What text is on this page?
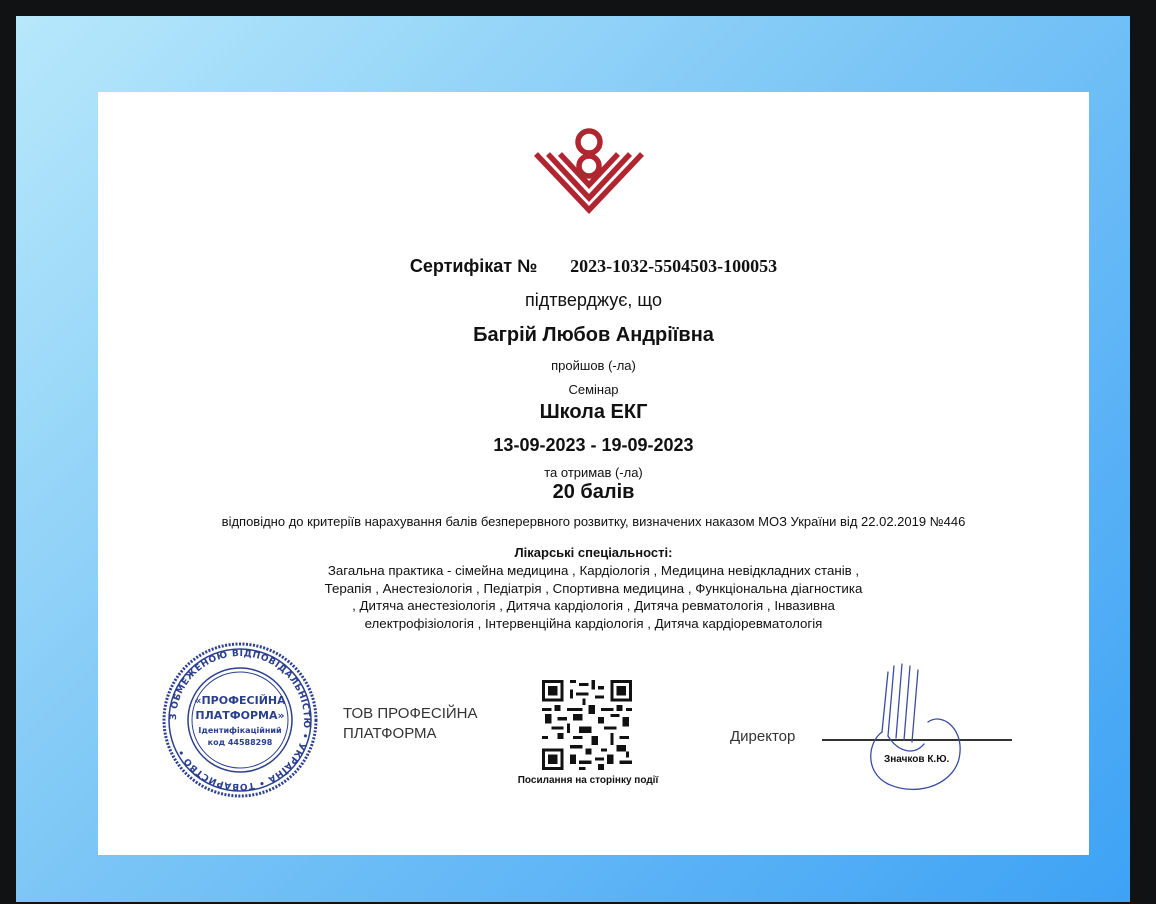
Сертифікат № 2023-1032-5504503-100053
підтверджує, що
Багрій Любов Андріївна
пройшов (-ла)
Семінар
Школа ЕКГ
13-09-2023 - 19-09-2023
та отримав (-ла)
20 балів
відповідно до критеріїв нарахування балів безперервного розвитку, визначених наказом МОЗ України від 22.02.2019 №446
Лікарські спеціальності:
Загальна практика - сімейна медицина , Кардіологія , Медицина невідкладних станів ,
Терапія , Анестезіологія , Педіатрія , Спортивна медицина , Функціональна діагностика
, Дитяча анестезіологія , Дитяча кардіологія , Дитяча ревматологія , Інвазивна
електрофізіологія , Інтервенційна кардіологія , Дитяча кардіоревматологія
З ОБМЕЖЕНОЮ ВІДПОВІДАЛЬНІСТЮ • УКРАЇНА • ТОВАРИСТВО •
«ПРОФЕСІЙНА
ПЛАТФОРМА»
Ідентифікаційний
код 44588298
ТОВ ПРОФЕСІЙНА
ПЛАТФОРМА
Посилання на сторінку події
Директор
Значков К.Ю.
